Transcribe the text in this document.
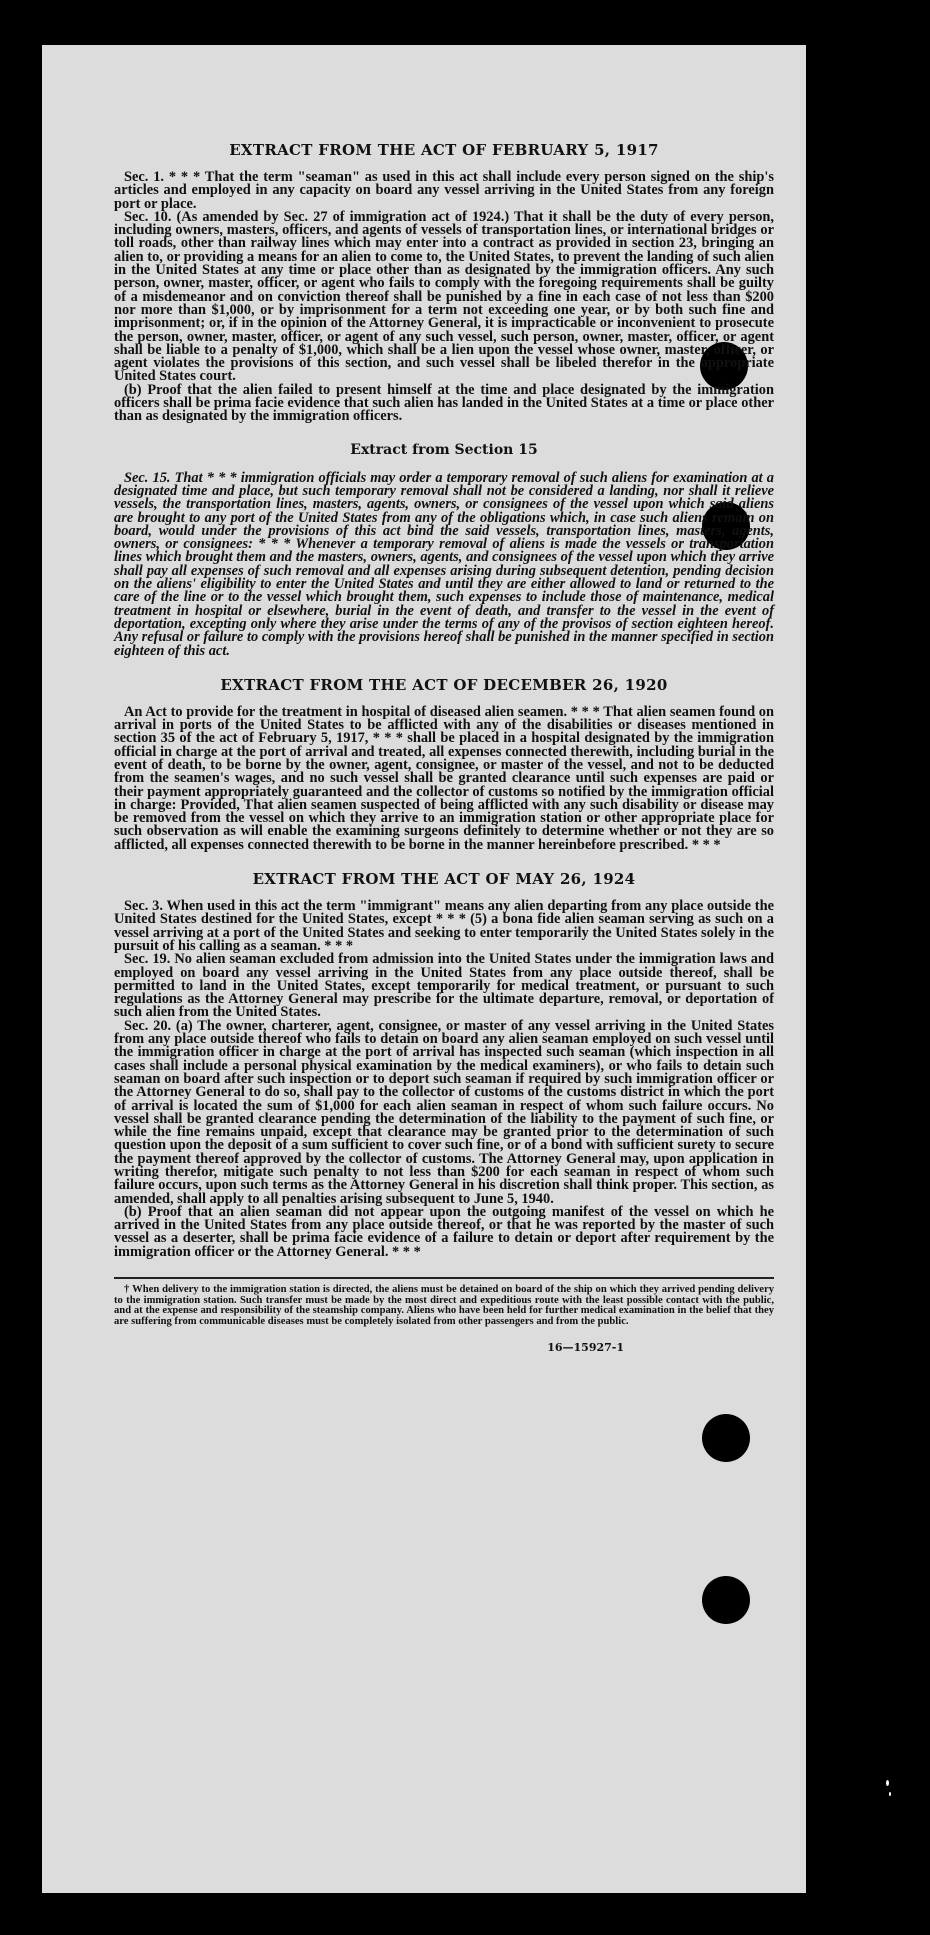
EXTRACT FROM THE ACT OF FEBRUARY 5, 1917

Sec. 1. * * * That the term "seaman" as used in this act shall include every person signed on the ship's articles and employed in any capacity on board any vessel arriving in the United States from any foreign port or place.

Sec. 10. (As amended by Sec. 27 of immigration act of 1924.) That it shall be the duty of every person, including owners, masters, officers, and agents of vessels of transportation lines, or international bridges or toll roads, other than railway lines which may enter into a contract as provided in section 23, bringing an alien to, or providing a means for an alien to come to, the United States, to prevent the landing of such alien in the United States at any time or place other than as designated by the immigration officers. Any such person, owner, master, officer, or agent who fails to comply with the foregoing requirements shall be guilty of a misdemeanor and on conviction thereof shall be punished by a fine in each case of not less than $200 nor more than $1,000, or by imprisonment for a term not exceeding one year, or by both such fine and imprisonment; or, if in the opinion of the Attorney General, it is impracticable or inconvenient to prosecute the person, owner, master, officer, or agent of any such vessel, such person, owner, master, officer, or agent shall be liable to a penalty of $1,000, which shall be a lien upon the vessel whose owner, master, officer, or agent violates the provisions of this section, and such vessel shall be libeled therefor in the appropriate United States court.

(b) Proof that the alien failed to present himself at the time and place designated by the immigration officers shall be prima facie evidence that such alien has landed in the United States at a time or place other than as designated by the immigration officers.

Extract from Section 15

Sec. 15. That * * * immigration officials may order a temporary removal of such aliens for examination at a designated time and place, but such temporary removal shall not be considered a landing, nor shall it relieve vessels, the transportation lines, masters, agents, owners, or consignees of the vessel upon which said aliens are brought to any port of the United States from any of the obligations which, in case such aliens remain on board, would under the provisions of this act bind the said vessels, transportation lines, masters, agents, owners, or consignees: * * * Whenever a temporary removal of aliens is made the vessels or transportation lines which brought them and the masters, owners, agents, and consignees of the vessel upon which they arrive shall pay all expenses of such removal and all expenses arising during subsequent detention, pending decision on the aliens' eligibility to enter the United States and until they are either allowed to land or returned to the care of the line or to the vessel which brought them, such expenses to include those of maintenance, medical treatment in hospital or elsewhere, burial in the event of death, and transfer to the vessel in the event of deportation, excepting only where they arise under the terms of any of the provisos of section eighteen hereof. Any refusal or failure to comply with the provisions hereof shall be punished in the manner specified in section eighteen of this act.

EXTRACT FROM THE ACT OF DECEMBER 26, 1920

An Act to provide for the treatment in hospital of diseased alien seamen. * * * That alien seamen found on arrival in ports of the United States to be afflicted with any of the disabilities or diseases mentioned in section 35 of the act of February 5, 1917, * * * shall be placed in a hospital designated by the immigration official in charge at the port of arrival and treated, all expenses connected therewith, including burial in the event of death, to be borne by the owner, agent, consignee, or master of the vessel, and not to be deducted from the seamen's wages, and no such vessel shall be granted clearance until such expenses are paid or their payment appropriately guaranteed and the collector of customs so notified by the immigration official in charge: Provided, That alien seamen suspected of being afflicted with any such disability or disease may be removed from the vessel on which they arrive to an immigration station or other appropriate place for such observation as will enable the examining surgeons definitely to determine whether or not they are so afflicted, all expenses connected therewith to be borne in the manner hereinbefore prescribed. * * *

EXTRACT FROM THE ACT OF MAY 26, 1924

Sec. 3. When used in this act the term "immigrant" means any alien departing from any place outside the United States destined for the United States, except * * * (5) a bona fide alien seaman serving as such on a vessel arriving at a port of the United States and seeking to enter temporarily the United States solely in the pursuit of his calling as a seaman. * * *

Sec. 19. No alien seaman excluded from admission into the United States under the immigration laws and employed on board any vessel arriving in the United States from any place outside thereof, shall be permitted to land in the United States, except temporarily for medical treatment, or pursuant to such regulations as the Attorney General may prescribe for the ultimate departure, removal, or deportation of such alien from the United States.

Sec. 20. (a) The owner, charterer, agent, consignee, or master of any vessel arriving in the United States from any place outside thereof who fails to detain on board any alien seaman employed on such vessel until the immigration officer in charge at the port of arrival has inspected such seaman (which inspection in all cases shall include a personal physical examination by the medical examiners), or who fails to detain such seaman on board after such inspection or to deport such seaman if required by such immigration officer or the Attorney General to do so, shall pay to the collector of customs of the customs district in which the port of arrival is located the sum of $1,000 for each alien seaman in respect of whom such failure occurs. No vessel shall be granted clearance pending the determination of the liability to the payment of such fine, or while the fine remains unpaid, except that clearance may be granted prior to the determination of such question upon the deposit of a sum sufficient to cover such fine, or of a bond with sufficient surety to secure the payment thereof approved by the collector of customs. The Attorney General may, upon application in writing therefor, mitigate such penalty to not less than $200 for each seaman in respect of whom such failure occurs, upon such terms as the Attorney General in his discretion shall think proper. This section, as amended, shall apply to all penalties arising subsequent to June 5, 1940.

(b) Proof that an alien seaman did not appear upon the outgoing manifest of the vessel on which he arrived in the United States from any place outside thereof, or that he was reported by the master of such vessel as a deserter, shall be prima facie evidence of a failure to detain or deport after requirement by the immigration officer or the Attorney General. * * *

† When delivery to the immigration station is directed, the aliens must be detained on board of the ship on which they arrived pending delivery to the immigration station. Such transfer must be made by the most direct and expeditious route with the least possible contact with the public, and at the expense and responsibility of the steamship company. Aliens who have been held for further medical examination in the belief that they are suffering from communicable diseases must be completely isolated from other passengers and from the public.

16—15927-1
